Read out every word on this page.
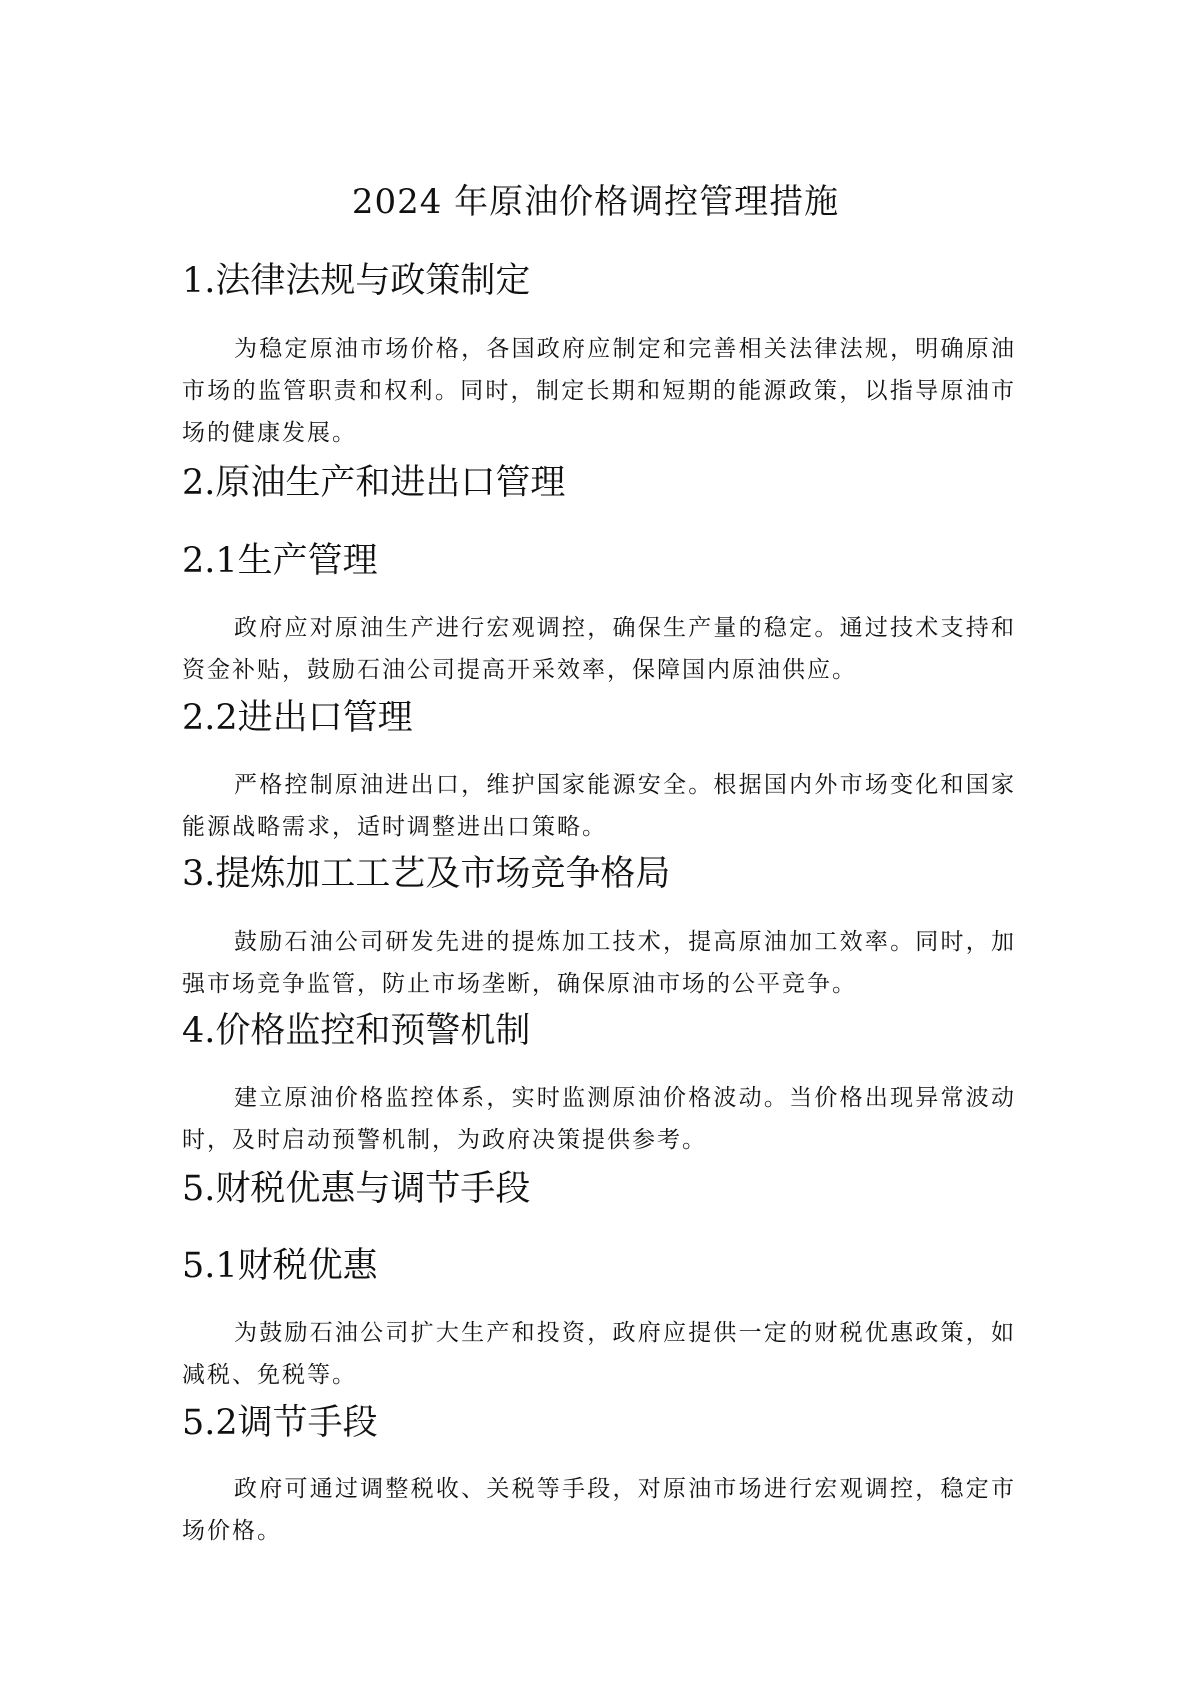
2024 年原油价格调控管理措施
1.法律法规与政策制定
为稳定原油市场价格，各国政府应制定和完善相关法律法规，明确原油市场的监管职责和权利。同时，制定长期和短期的能源政策，以指导原油市场的健康发展。
2.原油生产和进出口管理
2.1生产管理
政府应对原油生产进行宏观调控，确保生产量的稳定。通过技术支持和资金补贴，鼓励石油公司提高开采效率，保障国内原油供应。
2.2进出口管理
严格控制原油进出口，维护国家能源安全。根据国内外市场变化和国家能源战略需求，适时调整进出口策略。
3.提炼加工工艺及市场竞争格局
鼓励石油公司研发先进的提炼加工技术，提高原油加工效率。同时，加强市场竞争监管，防止市场垄断，确保原油市场的公平竞争。
4.价格监控和预警机制
建立原油价格监控体系，实时监测原油价格波动。当价格出现异常波动时，及时启动预警机制，为政府决策提供参考。
5.财税优惠与调节手段
5.1财税优惠
为鼓励石油公司扩大生产和投资，政府应提供一定的财税优惠政策，如减税、免税等。
5.2调节手段
政府可通过调整税收、关税等手段，对原油市场进行宏观调控，稳定市场价格。
